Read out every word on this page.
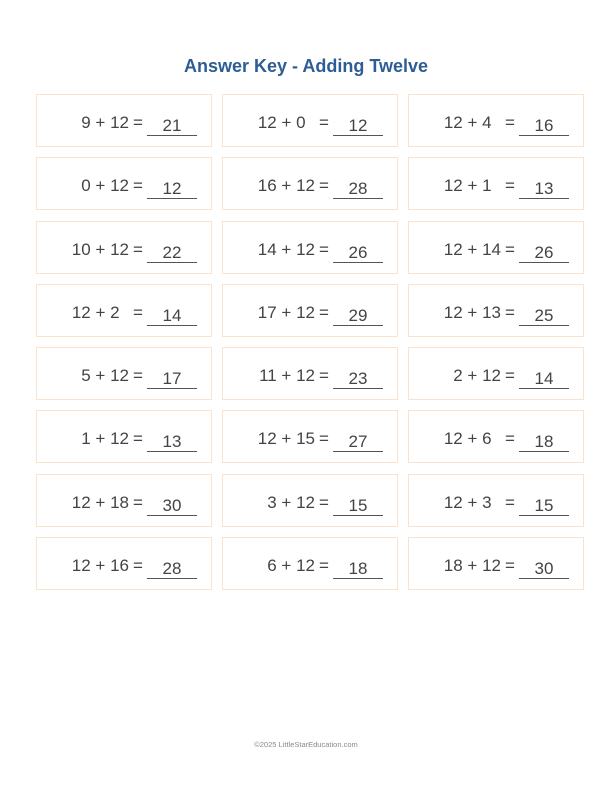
Answer Key - Adding Twelve
9 + 12 =	21	12 + 0 =	12	12 + 4 =	16
0 + 12 =	12	16 + 12 =	28	12 + 1 =	13
10 + 12 =	22	14 + 12 =	26	12 + 14 =	26
12 + 2 =	14	17 + 12 =	29	12 + 13 =	25
5 + 12 =	17	11 + 12 =	23	2 + 12 =	14
1 + 12 =	13	12 + 15 =	27	12 + 6 =	18
12 + 18 =	30	3 + 12 =	15	12 + 3 =	15
12 + 16 =	28	6 + 12 =	18	18 + 12 =	30
©2025 LittleStarEducation.com
